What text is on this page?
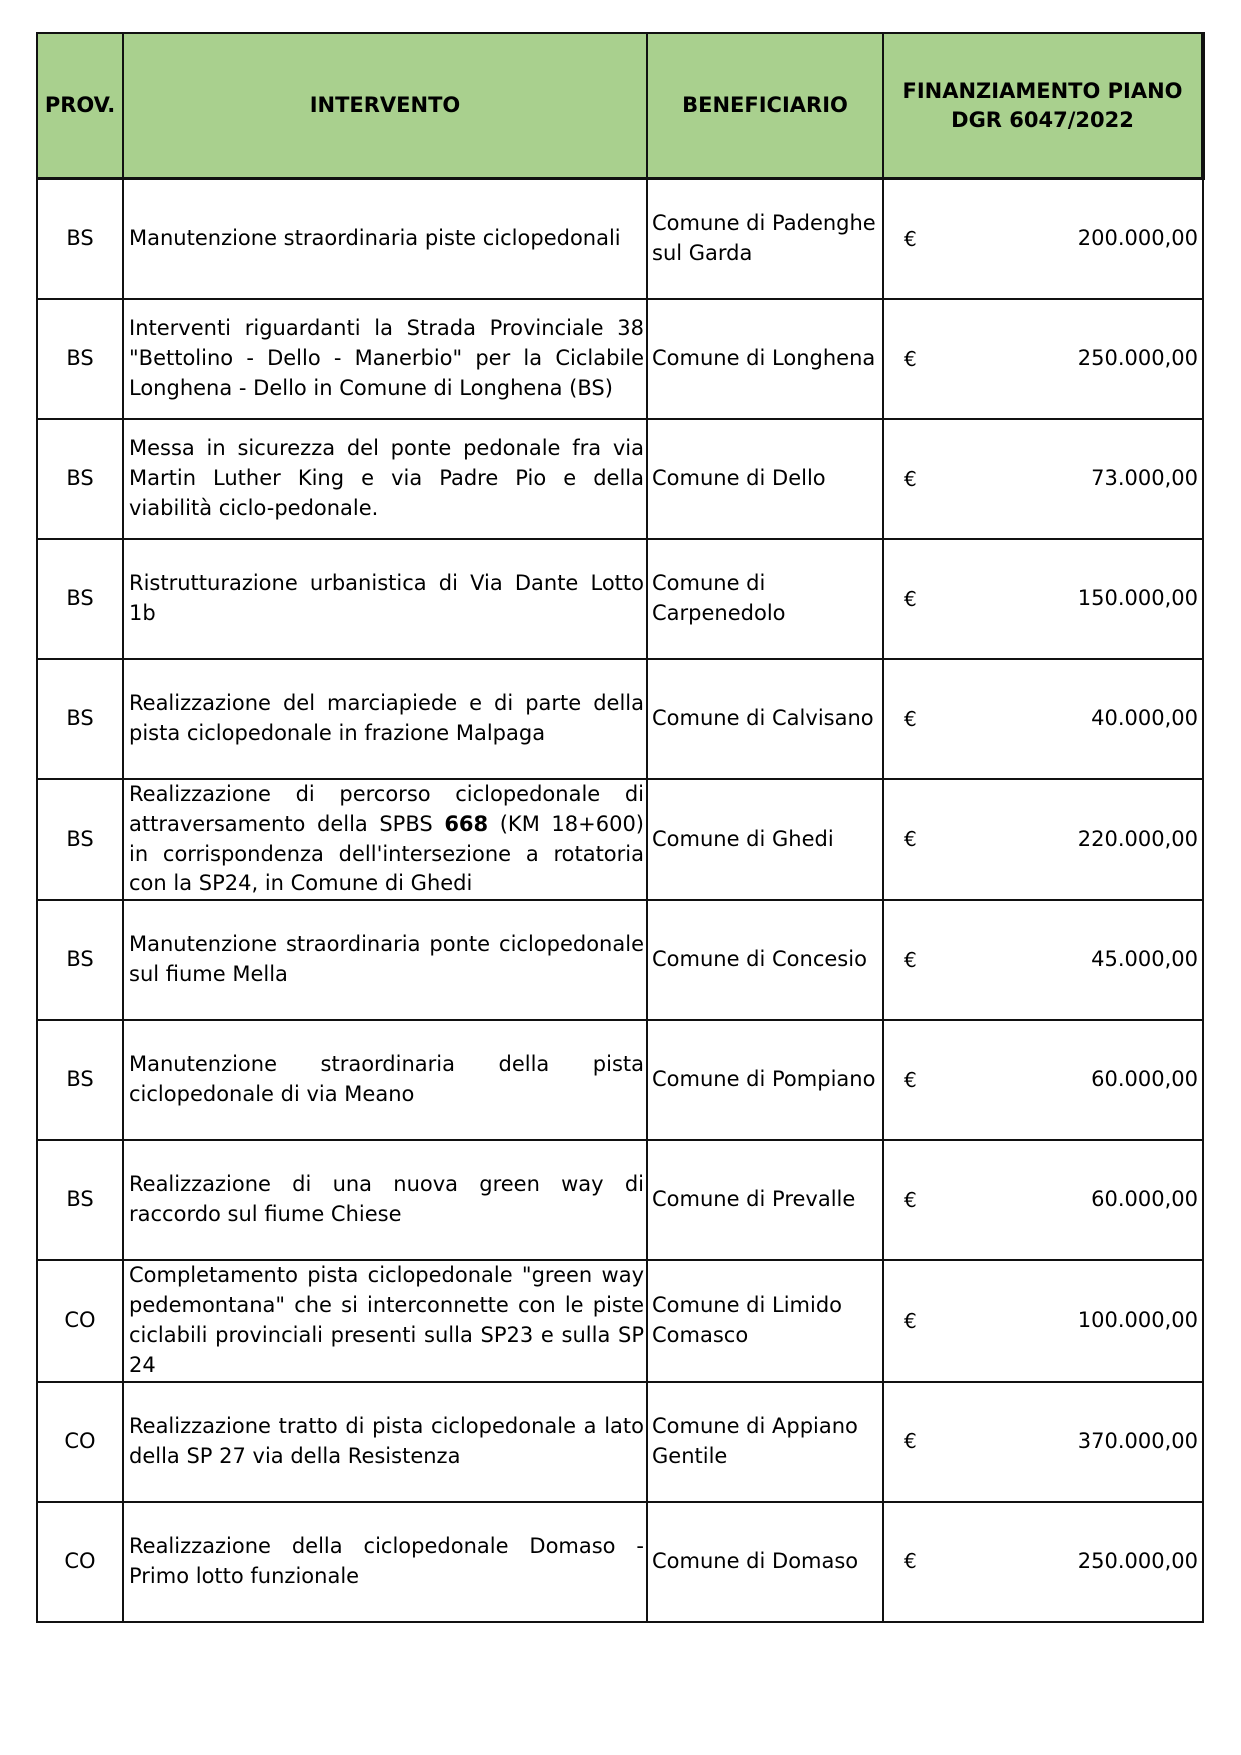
PROV.	INTERVENTO	BENEFICIARIO	FINANZIAMENTO PIANO DGR 6047/2022
BS	Manutenzione straordinaria piste ciclopedonali	Comune di Padenghe sul Garda	€ 200.000,00

BS	Interventi riguardanti la Strada Provinciale 38 "Bettolino - Dello - Manerbio" per la Ciclabile Longhena - Dello in Comune di Longhena (BS)	Comune di Longhena	€ 250.000,00

BS	Messa in sicurezza del ponte pedonale fra via Martin Luther King e via Padre Pio e della viabilità ciclo-pedonale.	Comune di Dello	€ 73.000,00

BS	Ristrutturazione urbanistica di Via Dante Lotto 1b	Comune di Carpenedolo	€ 150.000,00

BS	Realizzazione del marciapiede e di parte della pista ciclopedonale in frazione Malpaga	Comune di Calvisano	€ 40.000,00

BS	Realizzazione di percorso ciclopedonale di attraversamento della SPBS 668 (KM 18+600) in corrispondenza dell'intersezione a rotatoria con la SP24, in Comune di Ghedi	Comune di Ghedi	€ 220.000,00

BS	Manutenzione straordinaria ponte ciclopedonale sul fiume Mella	Comune di Concesio	€ 45.000,00

BS	Manutenzione straordinaria della pista ciclopedonale di via Meano	Comune di Pompiano	€ 60.000,00

BS	Realizzazione di una nuova green way di raccordo sul fiume Chiese	Comune di Prevalle	€ 60.000,00

CO	Completamento pista ciclopedonale "green way pedemontana" che si interconnette con le piste ciclabili provinciali presenti sulla SP23 e sulla SP 24	Comune di Limido Comasco	€ 100.000,00

CO	Realizzazione tratto di pista ciclopedonale a lato della SP 27 via della Resistenza	Comune di Appiano Gentile	€ 370.000,00

CO	Realizzazione della ciclopedonale Domaso - Primo lotto funzionale	Comune di Domaso	€ 250.000,00
